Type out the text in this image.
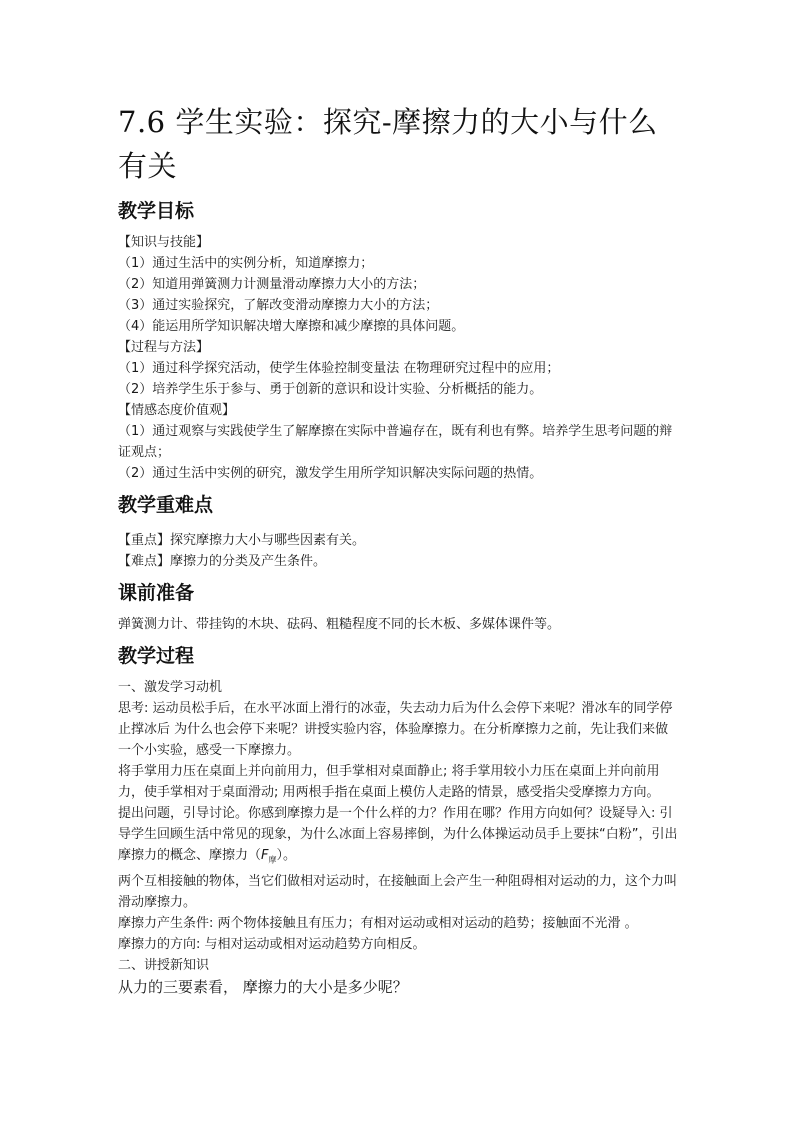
7.6 学生实验：探究-摩擦力的大小与什么
有关
教学目标

【知识与技能】

（1）通过生活中的实例分析，知道摩擦力；

（2）知道用弹簧测力计测量滑动摩擦力大小的方法；

（3）通过实验探究，了解改变滑动摩擦力大小的方法；

（4）能运用所学知识解决增大摩擦和减少摩擦的具体问题。

【过程与方法】

（1）通过科学探究活动，使学生体验控制变量法 在物理研究过程中的应用；

（2）培养学生乐于参与、勇于创新的意识和设计实验、分析概括的能力。

【情感态度价值观】

（1）通过观察与实践使学生了解摩擦在实际中普遍存在，既有利也有弊。培养学生思考问题的辩证观点；

（2）通过生活中实例的研究，激发学生用所学知识解决实际问题的热情。

教学重难点

【重点】探究摩擦力大小与哪些因素有关。

【难点】摩擦力的分类及产生条件。

课前准备

弹簧测力计、带挂钩的木块、砝码、粗糙程度不同的长木板、多媒体课件等。

教学过程

一、激发学习动机

思考: 运动员松手后，在水平冰面上滑行的冰壶，失去动力后为什么会停下来呢？滑冰车的同学停止撑冰后 为什么也会停下来呢？讲授实验内容，体验摩擦力。在分析摩擦力之前，先让我们来做一个小实验，感受一下摩擦力。

将手掌用力压在桌面上并向前用力，但手掌相对桌面静止; 将手掌用较小力压在桌面上并向前用力，使手掌相对于桌面滑动; 用两根手指在桌面上模仿人走路的情景，感受指尖受摩擦力方向。

提出问题，引导讨论。你感到摩擦力是一个什么样的力？作用在哪？作用方向如何？设疑导入: 引导学生回顾生活中常见的现象，为什么冰面上容易摔倒，为什么体操运动员手上要抹“白粉”，引出摩擦力的概念、摩擦力$(F_摩)$。

两个互相接触的物体，当它们做相对运动时，在接触面上会产生一种阻碍相对运动的力，这个力叫滑动摩擦力。

摩擦力产生条件: 两个物体接触且有压力；有相对运动或相对运动的趋势；接触面不光滑 。

摩擦力的方向: 与相对运动或相对运动趋势方向相反。

二、讲授新知识

从力的三要素看， 摩擦力的大小是多少呢？
